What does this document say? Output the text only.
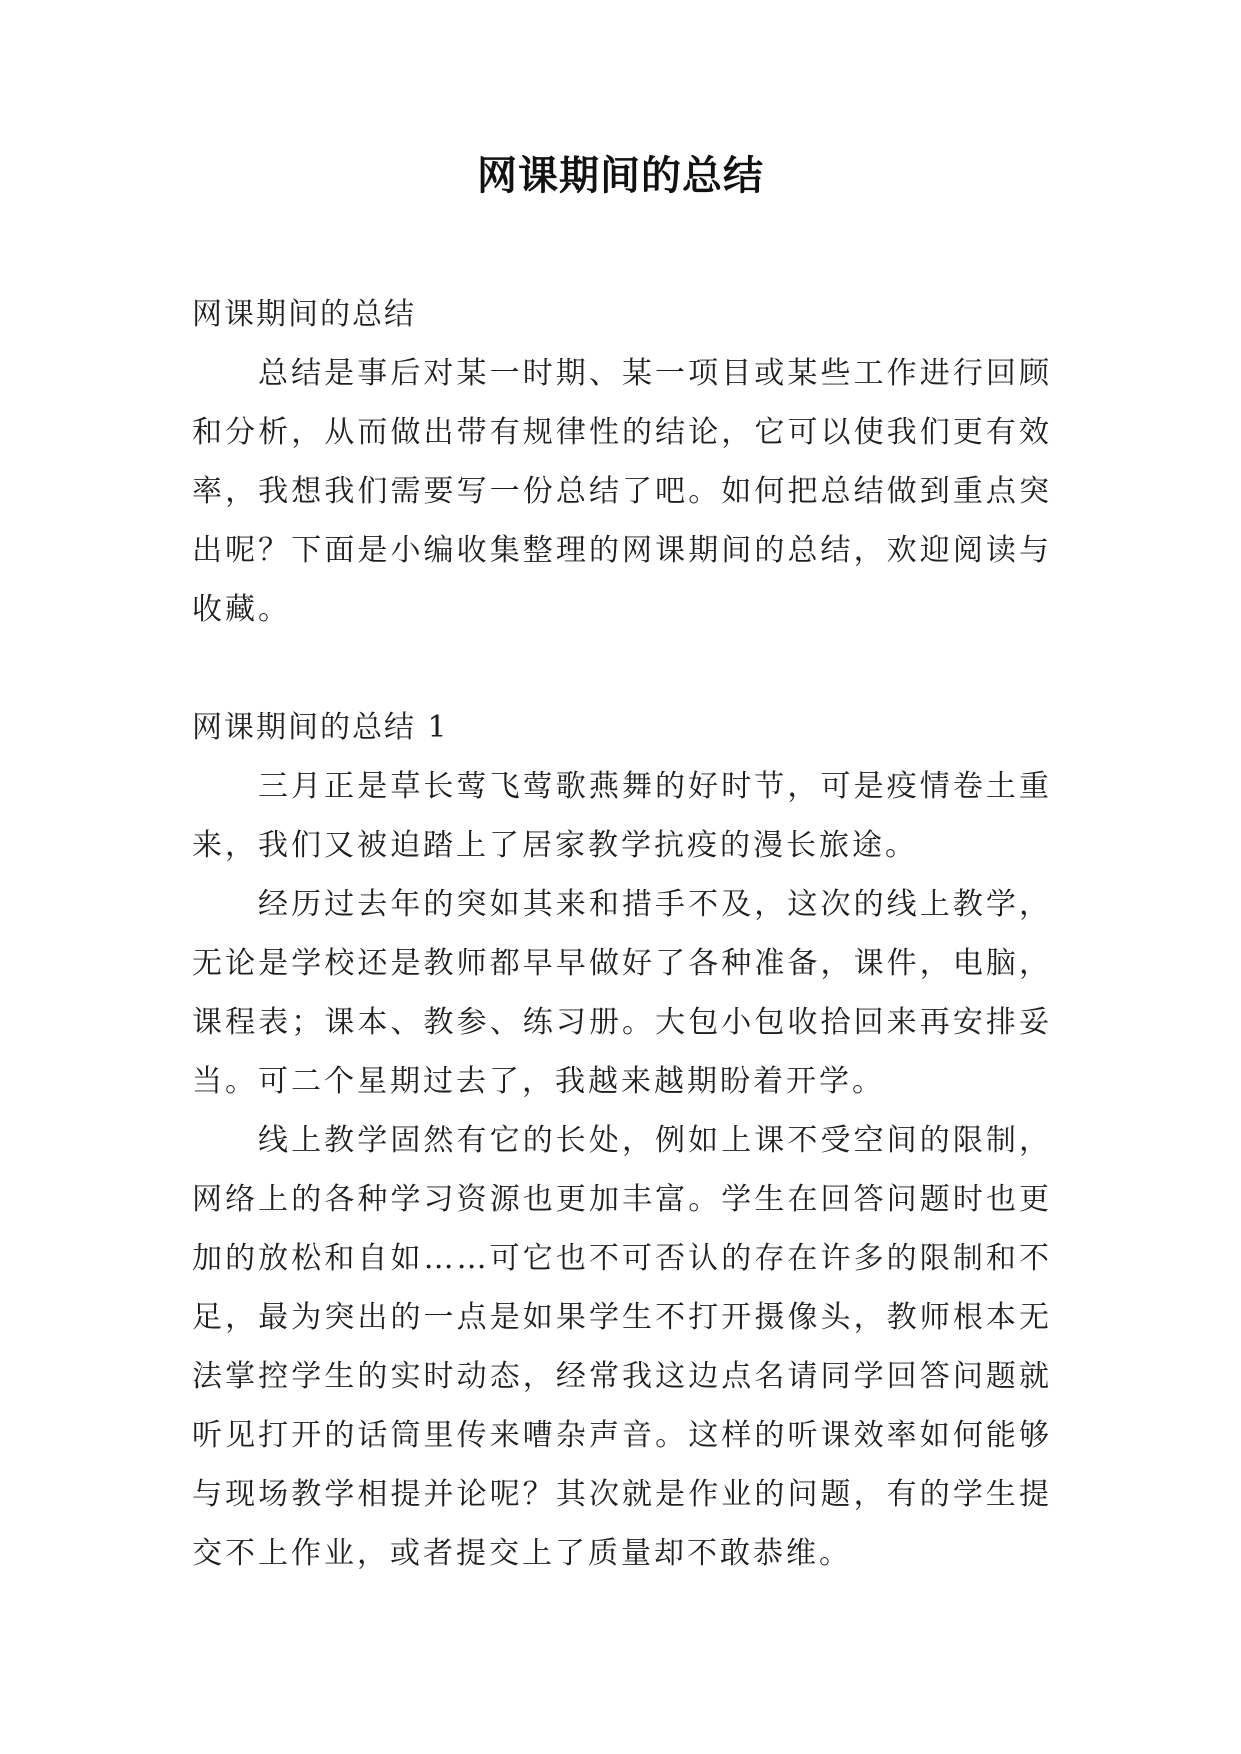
网课期间的总结

网课期间的总结

总结是事后对某一时期、某一项目或某些工作进行回顾和分析，从而做出带有规律性的结论，它可以使我们更有效率，我想我们需要写一份总结了吧。如何把总结做到重点突出呢？下面是小编收集整理的网课期间的总结，欢迎阅读与收藏。

网课期间的总结 1

三月正是草长莺飞莺歌燕舞的好时节，可是疫情卷土重来，我们又被迫踏上了居家教学抗疫的漫长旅途。

经历过去年的突如其来和措手不及，这次的线上教学，无论是学校还是教师都早早做好了各种准备，课件，电脑，课程表；课本、教参、练习册。大包小包收拾回来再安排妥当。可二个星期过去了，我越来越期盼着开学。

线上教学固然有它的长处，例如上课不受空间的限制，网络上的各种学习资源也更加丰富。学生在回答问题时也更加的放松和自如……可它也不可否认的存在许多的限制和不足，最为突出的一点是如果学生不打开摄像头，教师根本无法掌控学生的实时动态，经常我这边点名请同学回答问题就听见打开的话筒里传来嘈杂声音。这样的听课效率如何能够与现场教学相提并论呢？其次就是作业的问题，有的学生提交不上作业，或者提交上了质量却不敢恭维。
